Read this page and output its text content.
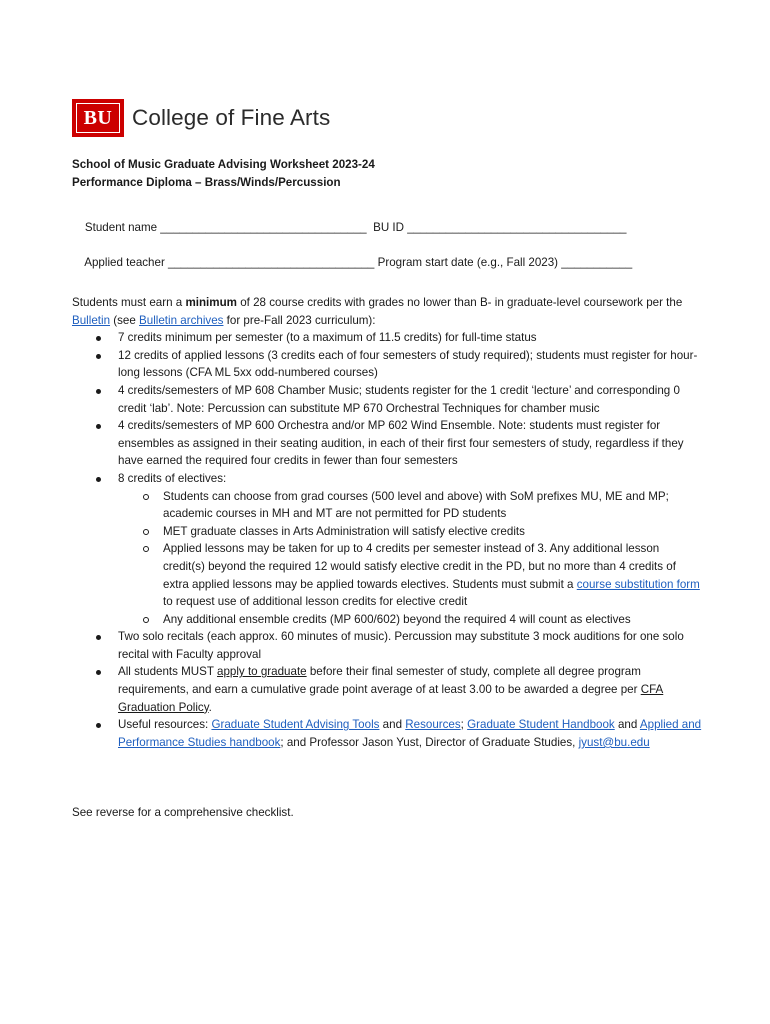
BU College of Fine Arts
School of Music Graduate Advising Worksheet 2023-24
Performance Diploma – Brass/Winds/Percussion

Student name ________________________________ BU ID __________________________________

Applied teacher ________________________________ Program start date (e.g., Fall 2023) ___________

Students must earn a minimum of 28 course credits with grades no lower than B- in graduate-level coursework per the Bulletin (see Bulletin archives for pre-Fall 2023 curriculum):

7 credits minimum per semester (to a maximum of 11.5 credits) for full-time status
12 credits of applied lessons (3 credits each of four semesters of study required); students must register for hour-long lessons (CFA ML 5xx odd-numbered courses)
4 credits/semesters of MP 608 Chamber Music; students register for the 1 credit ‘lecture’ and corresponding 0 credit ‘lab’. Note: Percussion can substitute MP 670 Orchestral Techniques for chamber music
4 credits/semesters of MP 600 Orchestra and/or MP 602 Wind Ensemble. Note: students must register for ensembles as assigned in their seating audition, in each of their first four semesters of study, regardless if they have earned the required four credits in fewer than four semesters
8 credits of electives:
Students can choose from grad courses (500 level and above) with SoM prefixes MU, ME and MP; academic courses in MH and MT are not permitted for PD students
MET graduate classes in Arts Administration will satisfy elective credits
Applied lessons may be taken for up to 4 credits per semester instead of 3. Any additional lesson credit(s) beyond the required 12 would satisfy elective credit in the PD, but no more than 4 credits of extra applied lessons may be applied towards electives. Students must submit a course substitution form to request use of additional lesson credits for elective credit
Any additional ensemble credits (MP 600/602) beyond the required 4 will count as electives
Two solo recitals (each approx. 60 minutes of music). Percussion may substitute 3 mock auditions for one solo recital with Faculty approval
All students MUST apply to graduate before their final semester of study, complete all degree program requirements, and earn a cumulative grade point average of at least 3.00 to be awarded a degree per CFA Graduation Policy.
Useful resources: Graduate Student Advising Tools and Resources; Graduate Student Handbook and Applied and Performance Studies handbook; and Professor Jason Yust, Director of Graduate Studies, jyust@bu.edu
See reverse for a comprehensive checklist.
